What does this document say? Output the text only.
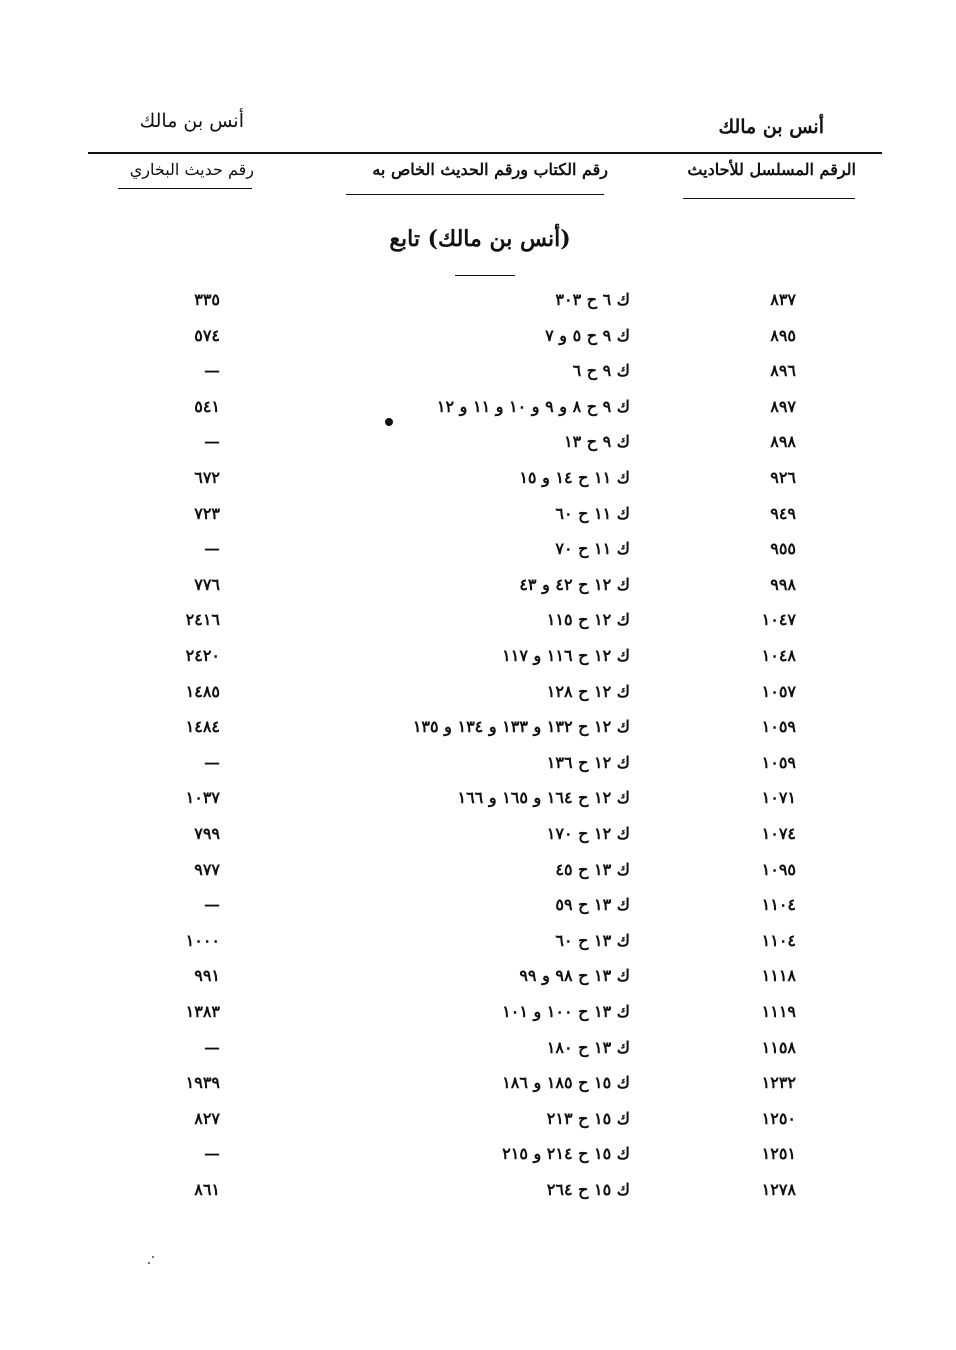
أنس بن مالك
أنس بن مالك
الرقم المسلسل للأحاديث
رقم الكتاب ورقم الحديث الخاص به
رقم حديث البخاري
(أنس بن مالك) تابع
٨٣٧
ك ٦ ح ٣٠٣
٣٣٥
٨٩٥
ك ٩ ح ٥ و ٧
٥٧٤
٨٩٦
ك ٩ ح ٦
—
٨٩٧
ك ٩ ح ٨ و ٩ و ١٠ و ١١ و ١٢
٥٤١
٨٩٨
ك ٩ ح ١٣
—
٩٢٦
ك ١١ ح ١٤ و ١٥
٦٧٢
٩٤٩
ك ١١ ح ٦٠
٧٢٣
٩٥٥
ك ١١ ح ٧٠
—
٩٩٨
ك ١٢ ح ٤٢ و ٤٣
٧٧٦
١٠٤٧
ك ١٢ ح ١١٥
٢٤١٦
١٠٤٨
ك ١٢ ح ١١٦ و ١١٧
٢٤٢٠
١٠٥٧
ك ١٢ ح ١٢٨
١٤٨٥
١٠٥٩
ك ١٢ ح ١٣٢ و ١٣٣ و ١٣٤ و ١٣٥
١٤٨٤
١٠٥٩
ك ١٢ ح ١٣٦
—
١٠٧١
ك ١٢ ح ١٦٤ و ١٦٥ و ١٦٦
١٠٣٧
١٠٧٤
ك ١٢ ح ١٧٠
٧٩٩
١٠٩٥
ك ١٣ ح ٤٥
٩٧٧
١١٠٤
ك ١٣ ح ٥٩
—
١١٠٤
ك ١٣ ح ٦٠
١٠٠٠
١١١٨
ك ١٣ ح ٩٨ و ٩٩
٩٩١
١١١٩
ك ١٣ ح ١٠٠ و ١٠١
١٣٨٣
١١٥٨
ك ١٣ ح ١٨٠
—
١٢٣٢
ك ١٥ ح ١٨٥ و ١٨٦
١٩٣٩
١٢٥٠
ك ١٥ ح ٢١٣
٨٢٧
١٢٥١
ك ١٥ ح ٢١٤ و ٢١٥
—
١٢٧٨
ك ١٥ ح ٢٦٤
٨٦١
